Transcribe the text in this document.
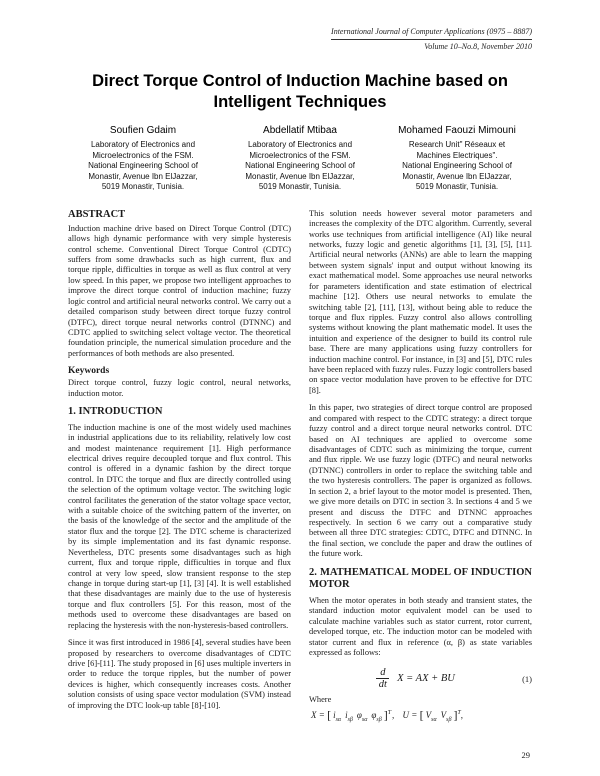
International Journal of Computer Applications (0975 – 8887)
Volume 10–No.8, November 2010
Direct Torque Control of Induction Machine based on Intelligent Techniques
Soufien Gdaim
Laboratory of Electronics and
Microelectronics of the FSM.
National Engineering School of
Monastir, Avenue Ibn ElJazzar,
5019 Monastir, Tunisia.
Abdellatif Mtibaa
Laboratory of Electronics and
Microelectronics of the FSM.
National Engineering School of
Monastir, Avenue Ibn ElJazzar,
5019 Monastir, Tunisia.
Mohamed Faouzi Mimouni
Research Unit" Réseaux et
Machines Electriques".
National Engineering School of
Monastir, Avenue Ibn ElJazzar,
5019 Monastir, Tunisia.
ABSTRACT

Induction machine drive based on Direct Torque Control (DTC) allows high dynamic performance with very simple hysteresis control scheme. Conventional Direct Torque Control (CDTC) suffers from some drawbacks such as high current, flux and torque ripple, difficulties in torque as well as flux control at very low speed. In this paper, we propose two intelligent approaches to improve the direct torque control of induction machine; fuzzy logic control and artificial neural networks control. We carry out a detailed comparison study between direct torque fuzzy control (DTFC), direct torque neural networks control (DTNNC) and CDTC applied to switching select voltage vector. The theoretical foundation principle, the numerical simulation procedure and the performances of both methods are also presented.

Keywords

Direct torque control, fuzzy logic control, neural networks, induction motor.

1. INTRODUCTION

The induction machine is one of the most widely used machines in industrial applications due to its reliability, relatively low cost and modest maintenance requirement [1]. High performance electrical drives require decoupled torque and flux control. This control is offered in a dynamic fashion by the direct torque control. In DTC the torque and flux are directly controlled using the selection of the optimum voltage vector. The switching logic control facilitates the generation of the stator voltage space vector, with a suitable choice of the switching pattern of the inverter, on the basis of the knowledge of the sector and the amplitude of the stator flux and the torque [2]. The DTC scheme is characterized by its simple implementation and its fast dynamic response. Nevertheless, DTC presents some disadvantages such as high current, flux and torque ripple, difficulties in torque and flux control at very low speed, slow transient response to the step change in torque during start-up [1], [3] [4]. It is well established that these disadvantages are mainly due to the use of hysteresis torque and flux controllers [5]. For this reason, most of the methods used to overcome these disadvantages are based on replacing the hysteresis with the non-hysteresis-based controllers.

Since it was first introduced in 1986 [4], several studies have been proposed by researchers to overcome disadvantages of CDTC drive [6]-[11]. The study proposed in [6] uses multiple inverters in order to reduce the torque ripples, but the number of power devices is higher, which consequently increases costs. Another solution consists of using space vector modulation (SVM) instead of improving the DTC look-up table [8]-[10].

This solution needs however several motor parameters and increases the complexity of the DTC algorithm. Currently, several works use techniques from artificial intelligence (AI) like neural networks, fuzzy logic and genetic algorithms [1], [3], [5], [11]. Artificial neural networks (ANNs) are able to learn the mapping between system signals' input and output without knowing its exact mathematical model. Some approaches use neural networks for parameters identification and state estimation of electrical machine [12]. Others use neural networks to emulate the switching table [2], [11], [13], without being able to reduce the torque and flux ripples. Fuzzy control also allows controlling systems without knowing the plant mathematic model. It uses the intuition and experience of the designer to build its control rule base. There are many applications using fuzzy controllers for induction machine control. For instance, in [3] and [5], DTC rules have been replaced with fuzzy rules. Fuzzy logic controllers based on space vector modulation have proven to be effective for DTC [8].

In this paper, two strategies of direct torque control are proposed and compared with respect to the CDTC strategy: a direct torque fuzzy control and a direct torque neural networks control. DTC based on AI techniques are applied to overcome some disadvantages of CDTC such as minimizing the torque, current and flux ripple. We use fuzzy logic (DTFC) and neural networks (DTNNC) controllers in order to replace the switching table and the two hysteresis controllers. The paper is organized as follows. In section 2, a brief layout to the motor model is presented. Then, we give more details on DTC in section 3. In sections 4 and 5 we present and discuss the DTFC and DTNNC approaches respectively. In section 6 we carry out a comparative study between all three DTC strategies: CDTC, DTFC and DTNNC. In the final section, we conclude the paper and draw the outlines of the future work.

2. MATHEMATICAL MODEL OF INDUCTION MOTOR

When the motor operates in both steady and transient states, the standard induction motor equivalent model can be used to calculate machine variables such as stator current, rotor current, developed torque, etc. The induction motor can be modeled with stator current and flux in reference (α, β) as state variables expressed as follows:

$\frac{d}{dt}$ X = AX + BU	(1)

Where

X = [ $i_{s\alpha}$ $i_{s\beta}$ $\varphi_{s\alpha}$ $\varphi_{s\beta}$ ]$^T$, U = [ $V_{s\alpha}$ $V_{s\beta}$ ]$^T$,
29
